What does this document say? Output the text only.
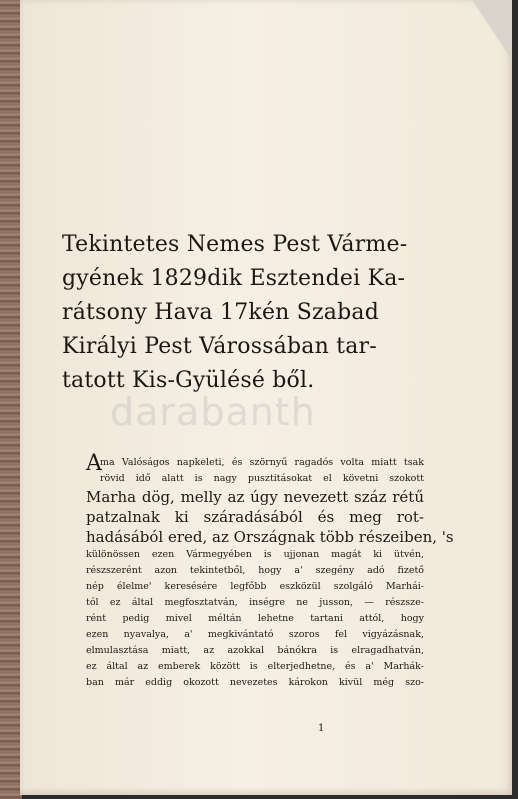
Tekintetes Nemes Pest Várme-
gyének 1829dik Esztendei Ka-
rátsony Hava 17kén Szabad
Királyi Pest Várossában tar-
tatott Kis-Gyülésé ből.
darabanth
A
ma Valóságos napkeleti, és szörnyű ragadós volta miatt tsak
rövid idő alatt is nagy pusztitásokat el követni szokott
Marha dög, melly az úgy nevezett száz rétű
patzalnak ki száradásából és meg rot-
hadásából ered, az Országnak több részeiben, 's
különössen ezen Vármegyében is ujjonan magát ki ütvén,
részszerént azon tekintetből, hogy a' szegény adó fizető
nép élelme' keresésére legfőbb eszközül szolgáló Marhái-
tól ez által megfosztatván, inségre ne jusson, — részsze-
rént pedig mivel méltán lehetne tartani attól, hogy
ezen nyavalya, a' megkivántató szoros fel vigyázásnak,
elmulasztása miatt, az azokkal bánókra is elragadhatván,
ez által az emberek között is elterjedhetne, és a' Marhák-
ban már eddig okozott nevezetes károkon kivül még szo-
1
